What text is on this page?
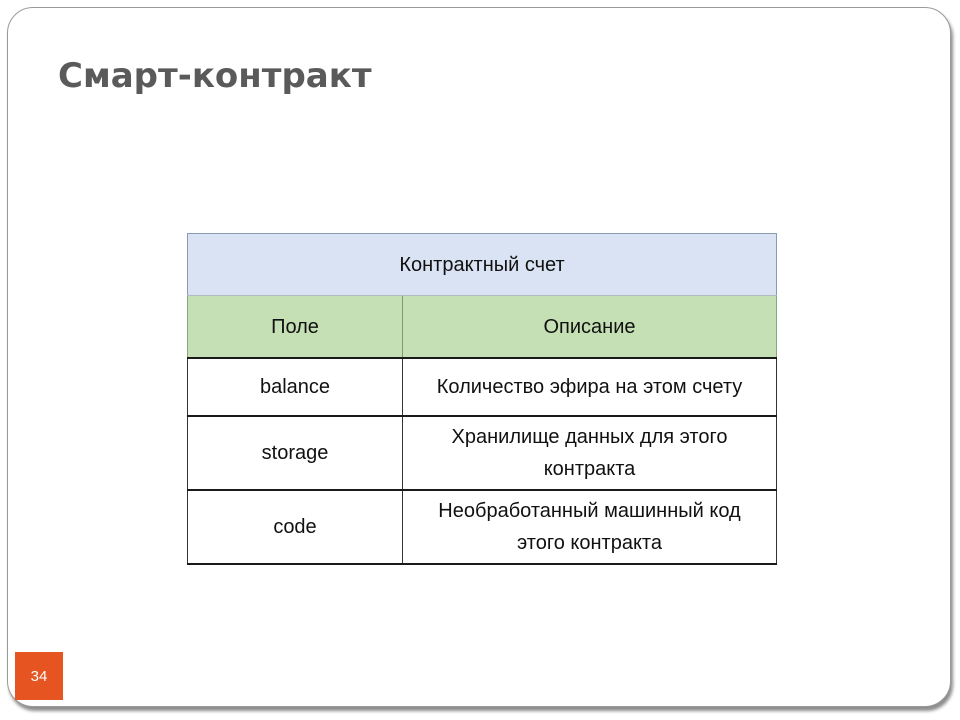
Смарт-контракт
Контрактный счет	
Поле	Описание
balance	Количество эфира на этом счету
storage	Хранилище данных для этого контракта
code	Необработанный машинный код этого контракта
34
